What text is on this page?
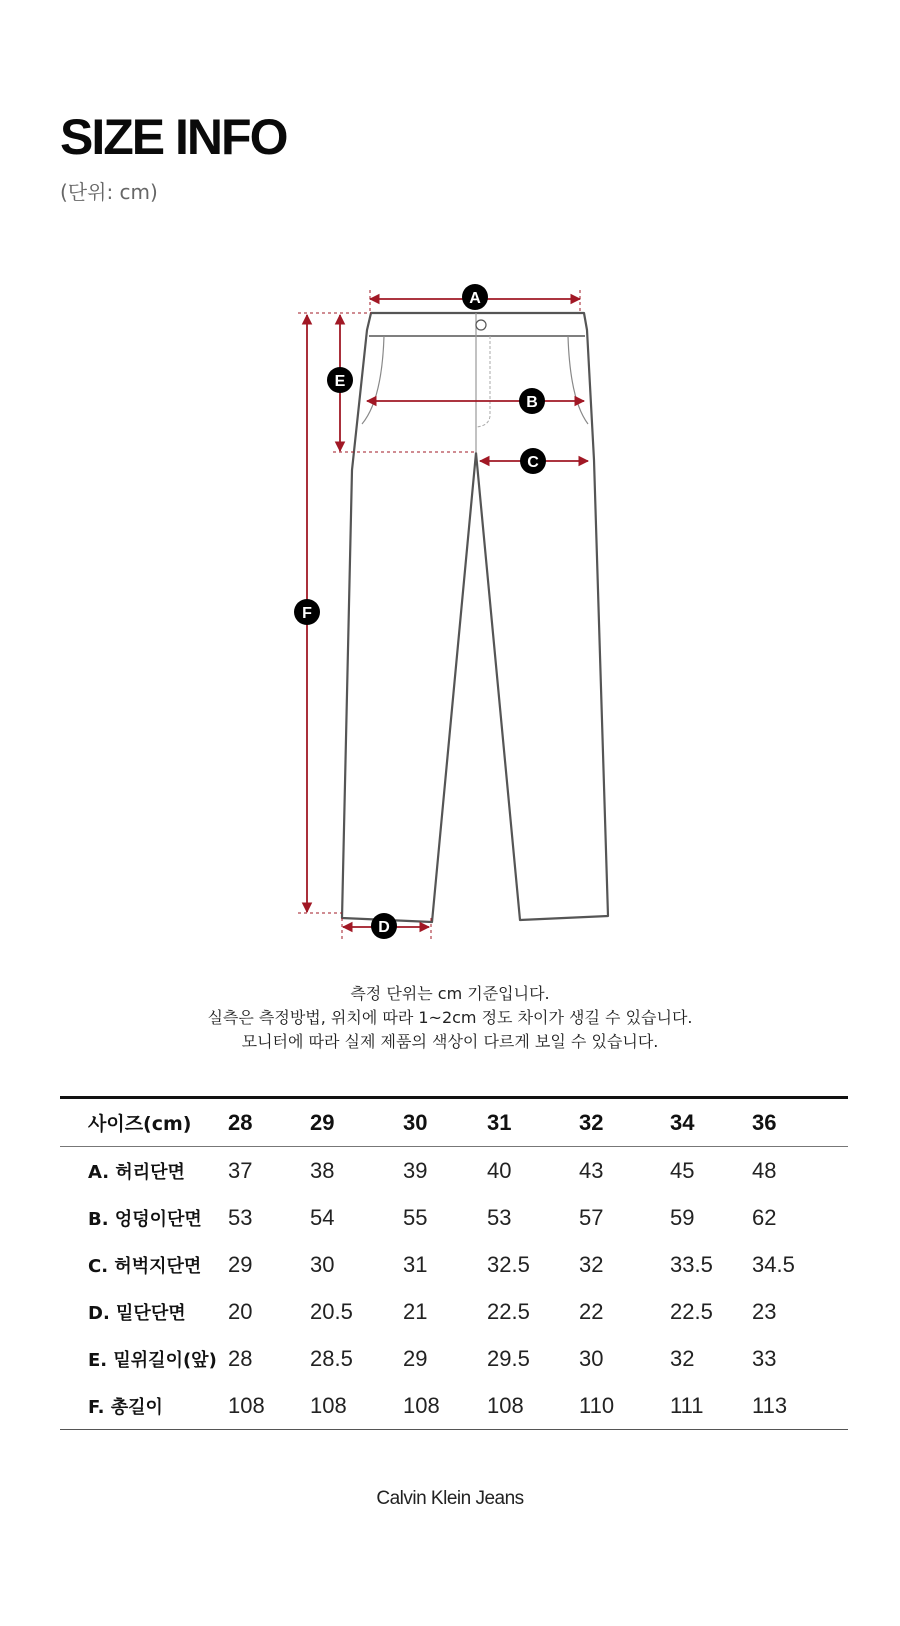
SIZE INFO
(단위: cm)
A
B
C
D
E
F
측정 단위는 cm 기준입니다.
실측은 측정방법, 위치에 따라 1~2cm 정도 차이가 생길 수 있습니다.
모니터에 따라 실제 제품의 색상이 다르게 보일 수 있습니다.
사이즈(cm)	28	29	30	31	32	34	36
A. 허리단면	37	38	39	40	43	45	48
B. 엉덩이단면	53	54	55	53	57	59	62
C. 허벅지단면	29	30	31	32.5	32	33.5	34.5
D. 밑단단면	20	20.5	21	22.5	22	22.5	23
E. 밑위길이(앞)	28	28.5	29	29.5	30	32	33
F. 총길이	108	108	108	108	110	111	113
Calvin Klein Jeans
